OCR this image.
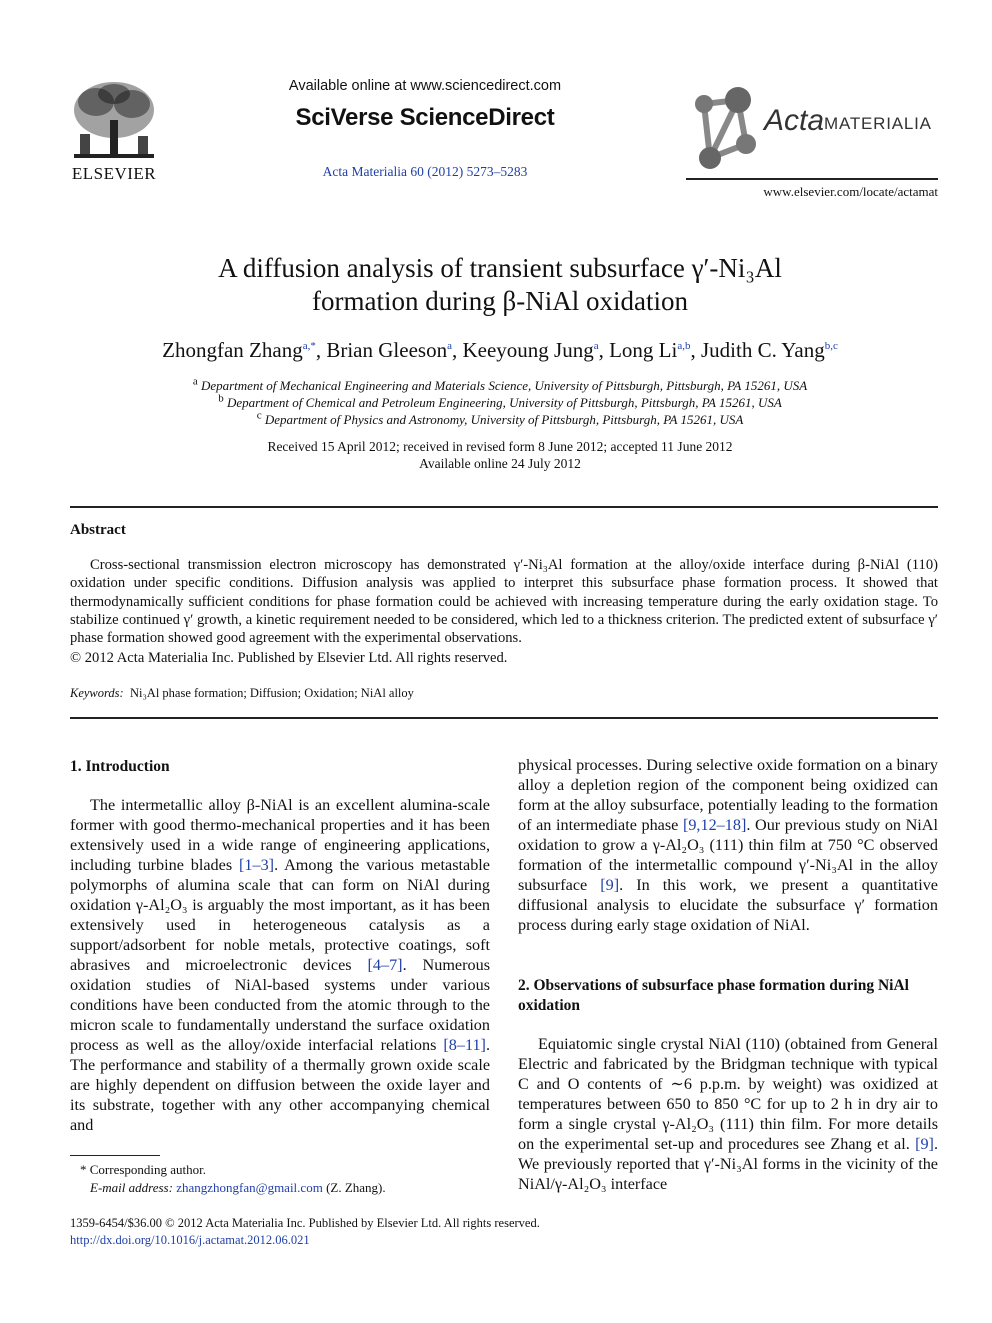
ELSEVIER
Available online at www.sciencedirect.com
SciVerse ScienceDirect
Acta Materialia 60 (2012) 5273–5283
Acta MATERIALIA
www.elsevier.com/locate/actamat
A diffusion analysis of transient subsurface γ′-Ni₃Al
formation during β-NiAl oxidation
Zhongfan Zhang$^{a,*}$, Brian Gleeson$^a$, Keeyoung Jung$^a$, Long Li$^{a,b}$, Judith C. Yang$^{b,c}$
$^a$ Department of Mechanical Engineering and Materials Science, University of Pittsburgh, Pittsburgh, PA 15261, USA
$^b$ Department of Chemical and Petroleum Engineering, University of Pittsburgh, Pittsburgh, PA 15261, USA
$^c$ Department of Physics and Astronomy, University of Pittsburgh, Pittsburgh, PA 15261, USA
Received 15 April 2012; received in revised form 8 June 2012; accepted 11 June 2012
Available online 24 July 2012
Abstract
Cross-sectional transmission electron microscopy has demonstrated γ′-Ni₃Al formation at the alloy/oxide interface during β-NiAl (110) oxidation under specific conditions. Diffusion analysis was applied to interpret this subsurface phase formation process. It showed that thermodynamically sufficient conditions for phase formation could be achieved with increasing temperature during the early oxidation stage. To stabilize continued γ′ growth, a kinetic requirement needed to be considered, which led to a thickness criterion. The predicted extent of subsurface γ′ phase formation showed good agreement with the experimental observations.
© 2012 Acta Materialia Inc. Published by Elsevier Ltd. All rights reserved.
Keywords: Ni₃Al phase formation; Diffusion; Oxidation; NiAl alloy
1. Introduction

The intermetallic alloy β-NiAl is an excellent alumina-scale former with good thermo-mechanical properties and it has been extensively used in a wide range of engineering applications, including turbine blades [1–3]. Among the various metastable polymorphs of alumina scale that can form on NiAl during oxidation γ-Al₂O₃ is arguably the most important, as it has been extensively used in heterogeneous catalysis as a support/adsorbent for noble metals, protective coatings, soft abrasives and microelectronic devices [4–7]. Numerous oxidation studies of NiAl-based systems under various conditions have been conducted from the atomic through to the micron scale to fundamentally understand the surface oxidation process as well as the alloy/oxide interfacial relations [8–11]. The performance and stability of a thermally grown oxide scale are highly dependent on diffusion between the oxide layer and its substrate, together with any other accompanying chemical and

* Corresponding author.
E-mail address: zhangzhongfan@gmail.com (Z. Zhang).

physical processes. During selective oxide formation on a binary alloy a depletion region of the component being oxidized can form at the alloy subsurface, potentially leading to the formation of an intermediate phase [9,12–18]. Our previous study on NiAl oxidation to grow a γ-Al₂O₃ (111) thin film at 750 °C observed formation of the intermetallic compound γ′-Ni₃Al in the alloy subsurface [9]. In this work, we present a quantitative diffusional analysis to elucidate the subsurface γ′ formation process during early stage oxidation of NiAl.

2. Observations of subsurface phase formation during NiAl oxidation

Equiatomic single crystal NiAl (110) (obtained from General Electric and fabricated by the Bridgman technique with typical C and O contents of ∼6 p.p.m. by weight) was oxidized at temperatures between 650 to 850 °C for up to 2 h in dry air to form a single crystal γ-Al₂O₃ (111) thin film. For more details on the experimental set-up and procedures see Zhang et al. [9]. We previously reported that γ′-Ni₃Al forms in the vicinity of the NiAl/γ-Al₂O₃ interface

1359-6454/$36.00 © 2012 Acta Materialia Inc. Published by Elsevier Ltd. All rights reserved.
http://dx.doi.org/10.1016/j.actamat.2012.06.021
